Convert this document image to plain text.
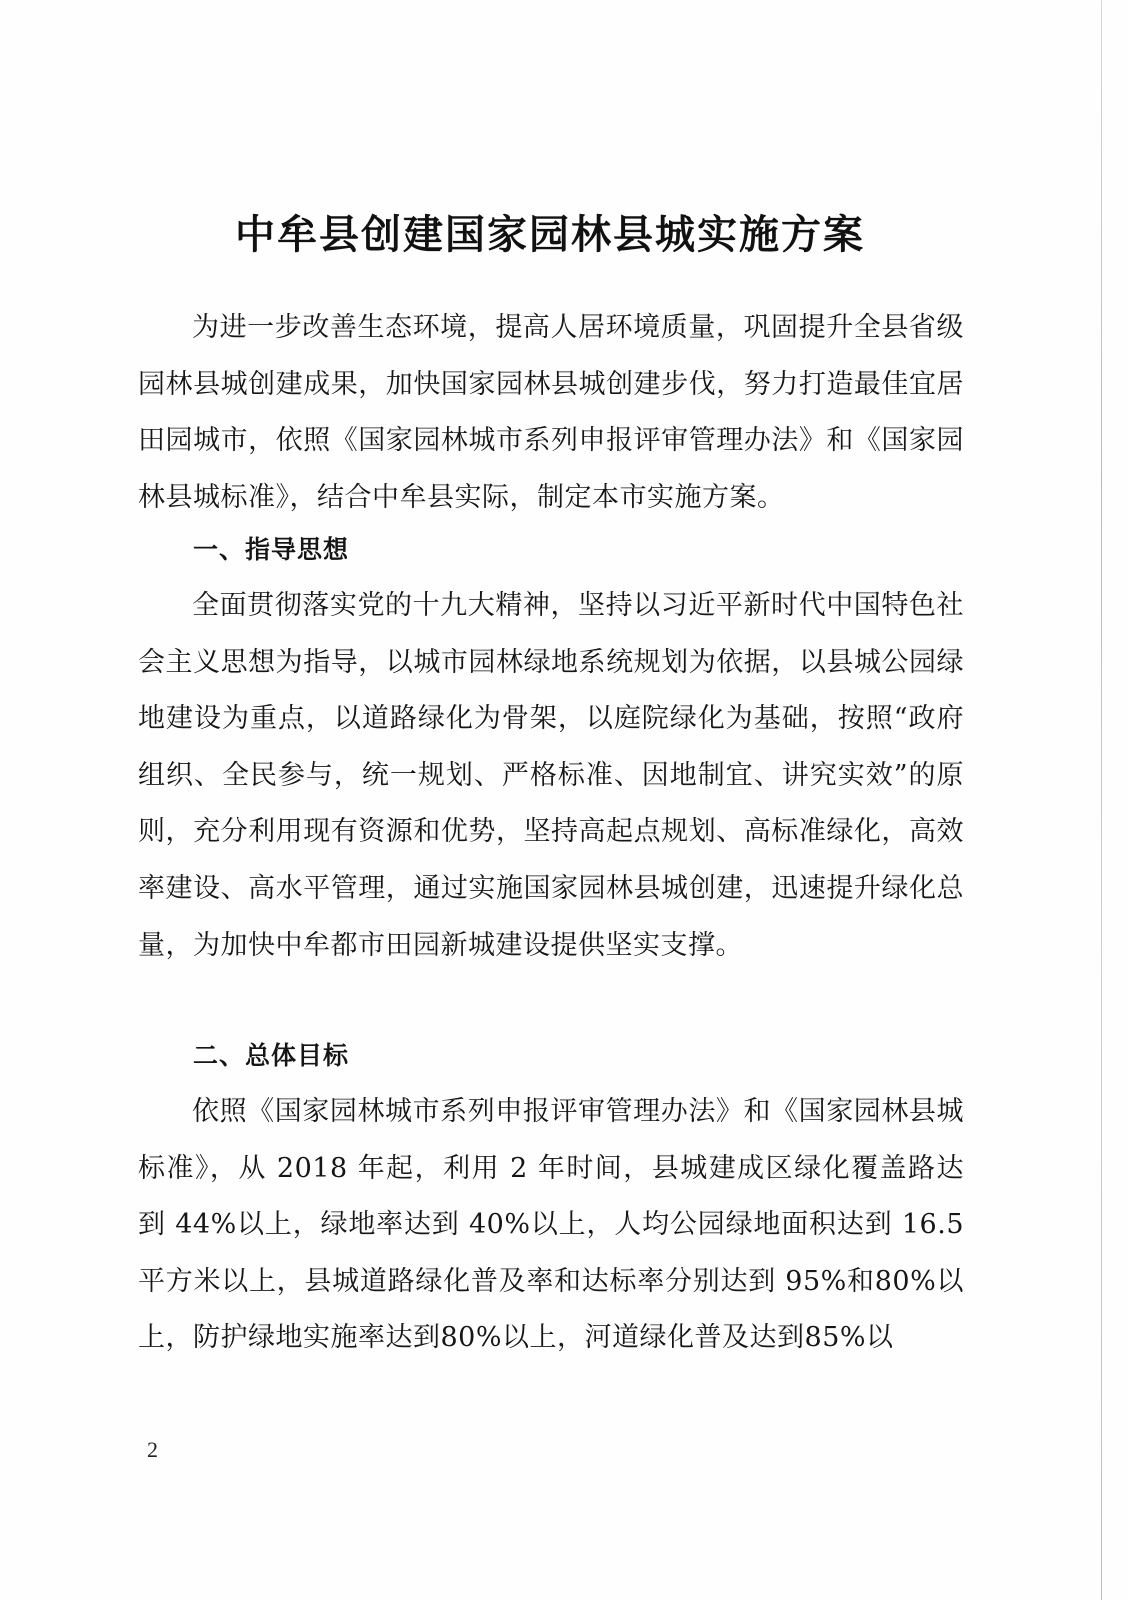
中牟县创建国家园林县城实施方案

为进一步改善生态环境，提高人居环境质量，巩固提升全县省级园林县城创建成果，加快国家园林县城创建步伐，努力打造最佳宜居田园城市，依照《国家园林城市系列申报评审管理办法》和《国家园林县城标准》，结合中牟县实际，制定本市实施方案。

一、指导思想

全面贯彻落实党的十九大精神，坚持以习近平新时代中国特色社会主义思想为指导，以城市园林绿地系统规划为依据，以县城公园绿地建设为重点，以道路绿化为骨架，以庭院绿化为基础，按照“政府组织、全民参与，统一规划、严格标准、因地制宜、讲究实效”的原则，充分利用现有资源和优势，坚持高起点规划、高标准绿化，高效率建设、高水平管理，通过实施国家园林县城创建，迅速提升绿化总量，为加快中牟都市田园新城建设提供坚实支撑。

二、总体目标

依照《国家园林城市系列申报评审管理办法》和《国家园林县城标准》，从 2018 年起，利用 2 年时间，县城建成区绿化覆盖路达到 44%以上，绿地率达到 40%以上，人均公园绿地面积达到 16.5 平方米以上，县城道路绿化普及率和达标率分别达到 95%和80%以上，防护绿地实施率达到80%以上，河道绿化普及达到85%以

2
